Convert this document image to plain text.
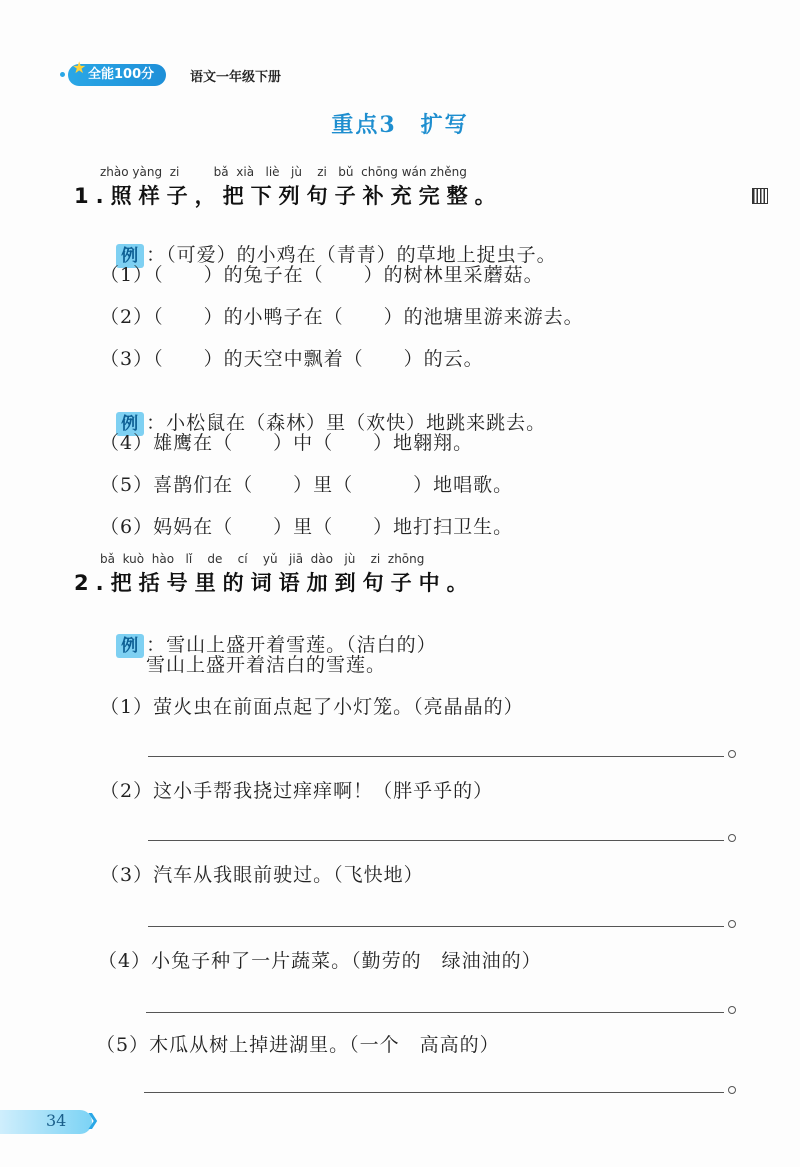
全能100分
★
语文一年级下册
重点3　扩写
zhào yàng  zi         bǎ  xià   liè   jù    zi   bǔ  chōng wán zhěng
1.照样子，把下列句子补充完整。

例 ：（可爱）的小鸡在（青青）的草地上捉虫子。

（1）（　　）的兔子在（　　）的树林里采蘑菇。
（2）（　　）的小鸭子在（　　）的池塘里游来游去。
（3）（　　）的天空中飘着（　　）的云。

例 ：小松鼠在（森林）里（欢快）地跳来跳去。

（4）雄鹰在（　　）中（　　）地翱翔。
（5）喜鹊们在（　　）里（　　　）地唱歌。
（6）妈妈在（　　）里（　　）地打扫卫生。
bǎ  kuò  hào   lǐ    de    cí    yǔ   jiā  dào   jù    zi  zhōng
2.把括号里的词语加到句子中。

例 ：雪山上盛开着雪莲。（洁白的）

雪山上盛开着洁白的雪莲。
（1）萤火虫在前面点起了小灯笼。（亮晶晶的）
（2）这小手帮我挠过痒痒啊！（胖乎乎的）
（3）汽车从我眼前驶过。（飞快地）
（4）小兔子种了一片蔬菜。（勤劳的　绿油油的）
（5）木瓜从树上掉进湖里。（一个　高高的）
34 ❯
